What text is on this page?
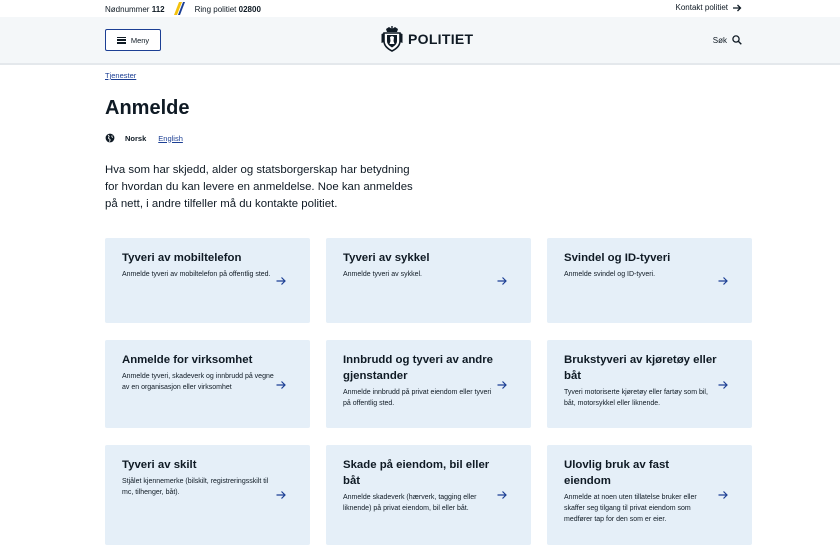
Nødnummer
112	Ring politiet
02800	Kontakt politiet
Meny	POLITIET	Søk
Tjenester
Anmelde
Norsk English

Hva som har skjedd, alder og statsborgerskap har betydning for hvordan du kan levere en anmeldelse. Noe kan anmeldes på nett, i andre tilfeller må du kontakte politiet.

Tyveri av mobiltelefon
Anmelde tyveri av mobiltelefon på offentlig sted.
Tyveri av sykkel
Anmelde tyveri av sykkel.
Svindel og ID-tyveri
Anmelde svindel og ID-tyveri.
Anmelde for virksomhet
Anmelde tyveri, skadeverk og innbrudd på vegne av en organisasjon eller virksomhet
Innbrudd og tyveri av andre gjenstander
Anmelde innbrudd på privat eiendom eller tyveri på offentlig sted.
Brukstyveri av kjøretøy eller båt
Tyveri motoriserte kjøretøy eller fartøy som bil, båt, motorsykkel eller liknende.
Tyveri av skilt
Stjålet kjennemerke (bilskilt, registreringsskilt til mc, tilhenger, båt).
Skade på eiendom, bil eller båt
Anmelde skadeverk (hærverk, tagging eller liknende) på privat eiendom, bil eller båt.
Ulovlig bruk av fast eiendom
Anmelde at noen uten tillatelse bruker eller skaffer seg tilgang til privat eiendom som medfører tap for den som er eier.
